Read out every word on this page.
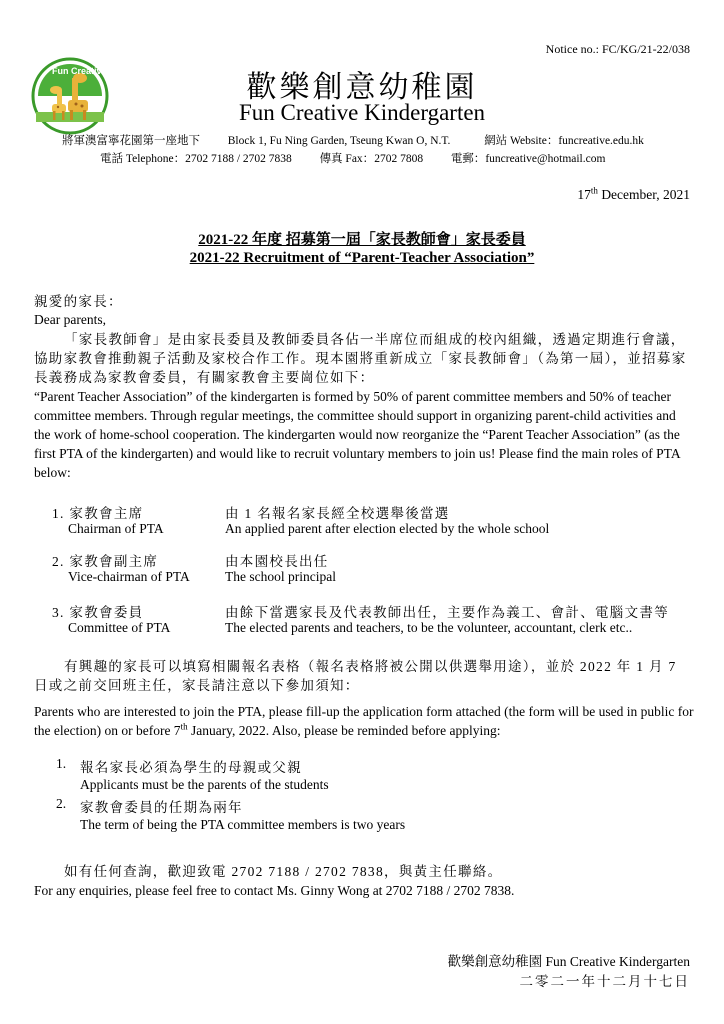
Notice no.: FC/KG/21-22/038
Fun Creative	歡樂創意幼稚園
Fun Creative Kindergarten
將軍澳富寧花園第一座地下 Block 1, Fu Ning Garden, Tseung Kwan O, N.T.	網站 Website：funcreative.edu.hk
電話 Telephone：2702 7188 / 2702 7838 傳真 Fax：2702 7808 電郵：funcreative@hotmail.com
17th December, 2021
2021-22 年度 招募第一屆「家長教師會」家長委員
2021-22 Recruitment of “Parent-Teacher Association”
親愛的家長：
Dear parents,
「家長教師會」是由家長委員及教師委員各佔一半席位而組成的校內組織，透過定期進行會議，協助家教會推動親子活動及家校合作工作。現本園將重新成立「家長教師會」（為第一屆），並招募家長義務成為家教會委員，有關家教會主要崗位如下：
“Parent Teacher Association” of the kindergarten is formed by 50% of parent committee members and 50% of teacher committee members. Through regular meetings, the committee should support in organizing parent-child activities and the work of home-school cooperation. The kindergarten would now reorganize the “Parent Teacher Association” (as the first PTA of the kindergarten) and would like to recruit voluntary members to join us! Please find the main roles of PTA below:
1. 家教會主席
Chairman of PTA
由 1 名報名家長經全校選舉後當選
An applied parent after election elected by the whole school
2. 家教會副主席
Vice-chairman of PTA
由本園校長出任
The school principal
3. 家教會委員
Committee of PTA
由餘下當選家長及代表教師出任，主要作為義工、會計、電腦文書等
The elected parents and teachers, to be the volunteer, accountant, clerk etc..
有興趣的家長可以填寫相關報名表格（報名表格將被公開以供選舉用途），並於 2022 年 1 月 7 日或之前交回班主任，家長請注意以下參加須知：
Parents who are interested to join the PTA, please fill-up the application form attached (the form will be used in public for the election) on or before 7th January, 2022. Also, please be reminded before applying:
1. 報名家長必須為學生的母親或父親
Applicants must be the parents of the students
2. 家教會委員的任期為兩年
The term of being the PTA committee members is two years
如有任何查詢，歡迎致電 2702 7188 / 2702 7838，與黃主任聯絡。
For any enquiries, please feel free to contact Ms. Ginny Wong at 2702 7188 / 2702 7838.
歡樂創意幼稚園 Fun Creative Kindergarten
二零二一年十二月十七日
